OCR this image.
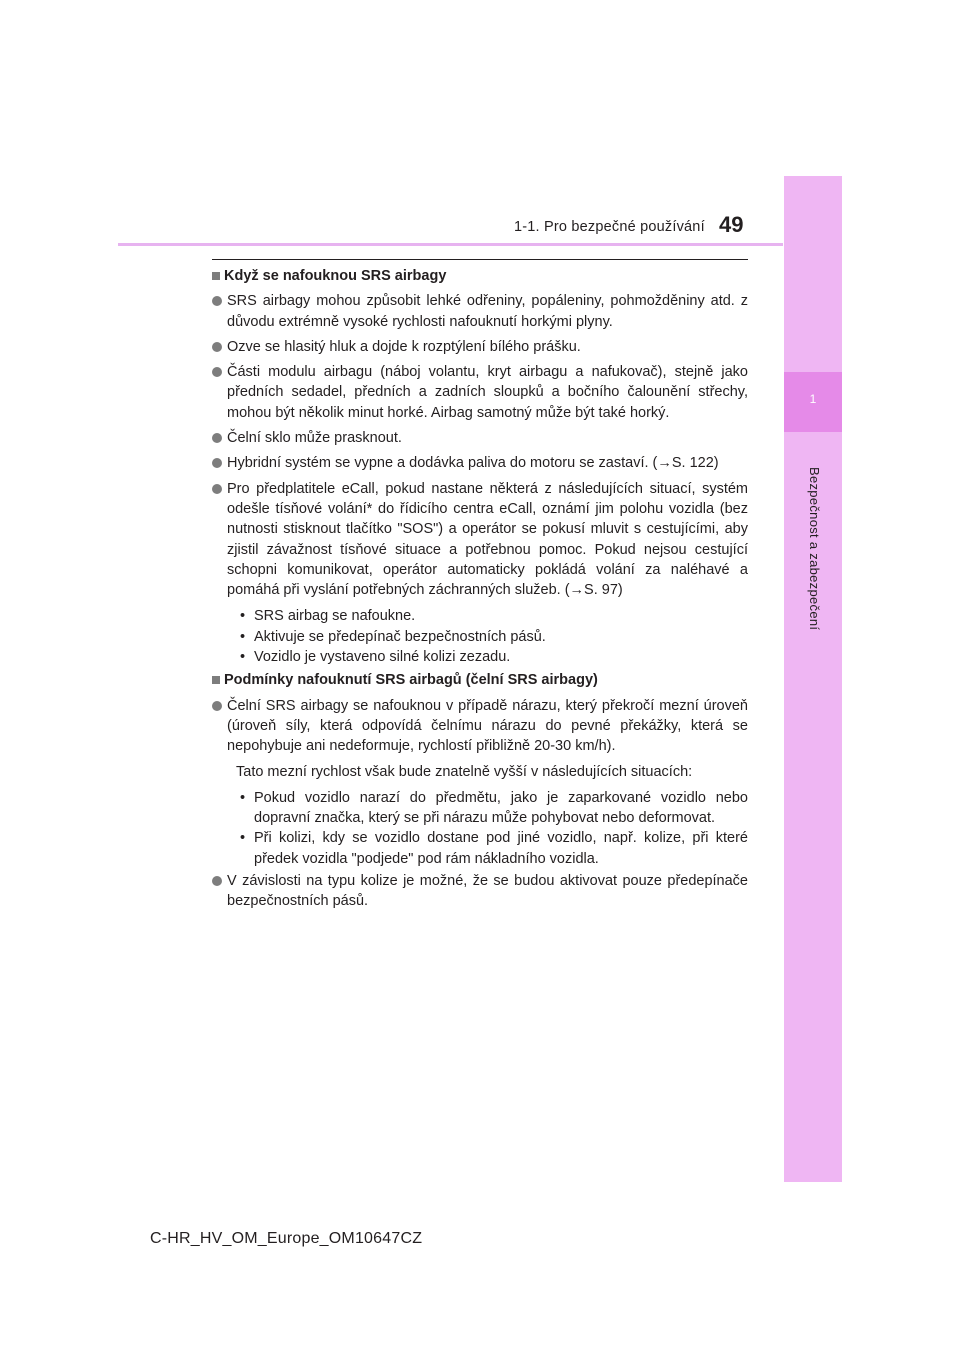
1-1. Pro bezpečné používání 49
1
Bezpečnost a zabezpečení
Když se nafouknou SRS airbagy
SRS airbagy mohou způsobit lehké odřeniny, popáleniny, pohmožděniny atd. z důvodu extrémně vysoké rychlosti nafouknutí horkými plyny.
Ozve se hlasitý hluk a dojde k rozptýlení bílého prášku.
Části modulu airbagu (náboj volantu, kryt airbagu a nafukovač), stejně jako předních sedadel, předních a zadních sloupků a bočního čalounění střechy, mohou být několik minut horké. Airbag samotný může být také horký.
Čelní sklo může prasknout.
Hybridní systém se vypne a dodávka paliva do motoru se zastaví. (→S. 122)
Pro předplatitele eCall, pokud nastane některá z následujících situací, systém odešle tísňové volání* do řídicího centra eCall, oznámí jim polohu vozidla (bez nutnosti stisknout tlačítko "SOS") a operátor se pokusí mluvit s cestujícími, aby zjistil závažnost tísňové situace a potřebnou pomoc. Pokud nejsou cestující schopni komunikovat, operátor automaticky pokládá volání za naléhavé a pomáhá při vyslání potřebných záchranných služeb. (→S. 97)
• SRS airbag se nafoukne.
• Aktivuje se předepínač bezpečnostních pásů.
• Vozidlo je vystaveno silné kolizi zezadu.
Podmínky nafouknutí SRS airbagů (čelní SRS airbagy)
Čelní SRS airbagy se nafouknou v případě nárazu, který překročí mezní úroveň (úroveň síly, která odpovídá čelnímu nárazu do pevné překážky, která se nepohybuje ani nedeformuje, rychlostí přibližně 20-30 km/h).
Tato mezní rychlost však bude znatelně vyšší v následujících situacích:
• Pokud vozidlo narazí do předmětu, jako je zaparkované vozidlo nebo dopravní značka, který se při nárazu může pohybovat nebo deformovat.
• Při kolizi, kdy se vozidlo dostane pod jiné vozidlo, např. kolize, při které předek vozidla "podjede" pod rám nákladního vozidla.
V závislosti na typu kolize je možné, že se budou aktivovat pouze předepínače bezpečnostních pásů.
C-HR_HV_OM_Europe_OM10647CZ
